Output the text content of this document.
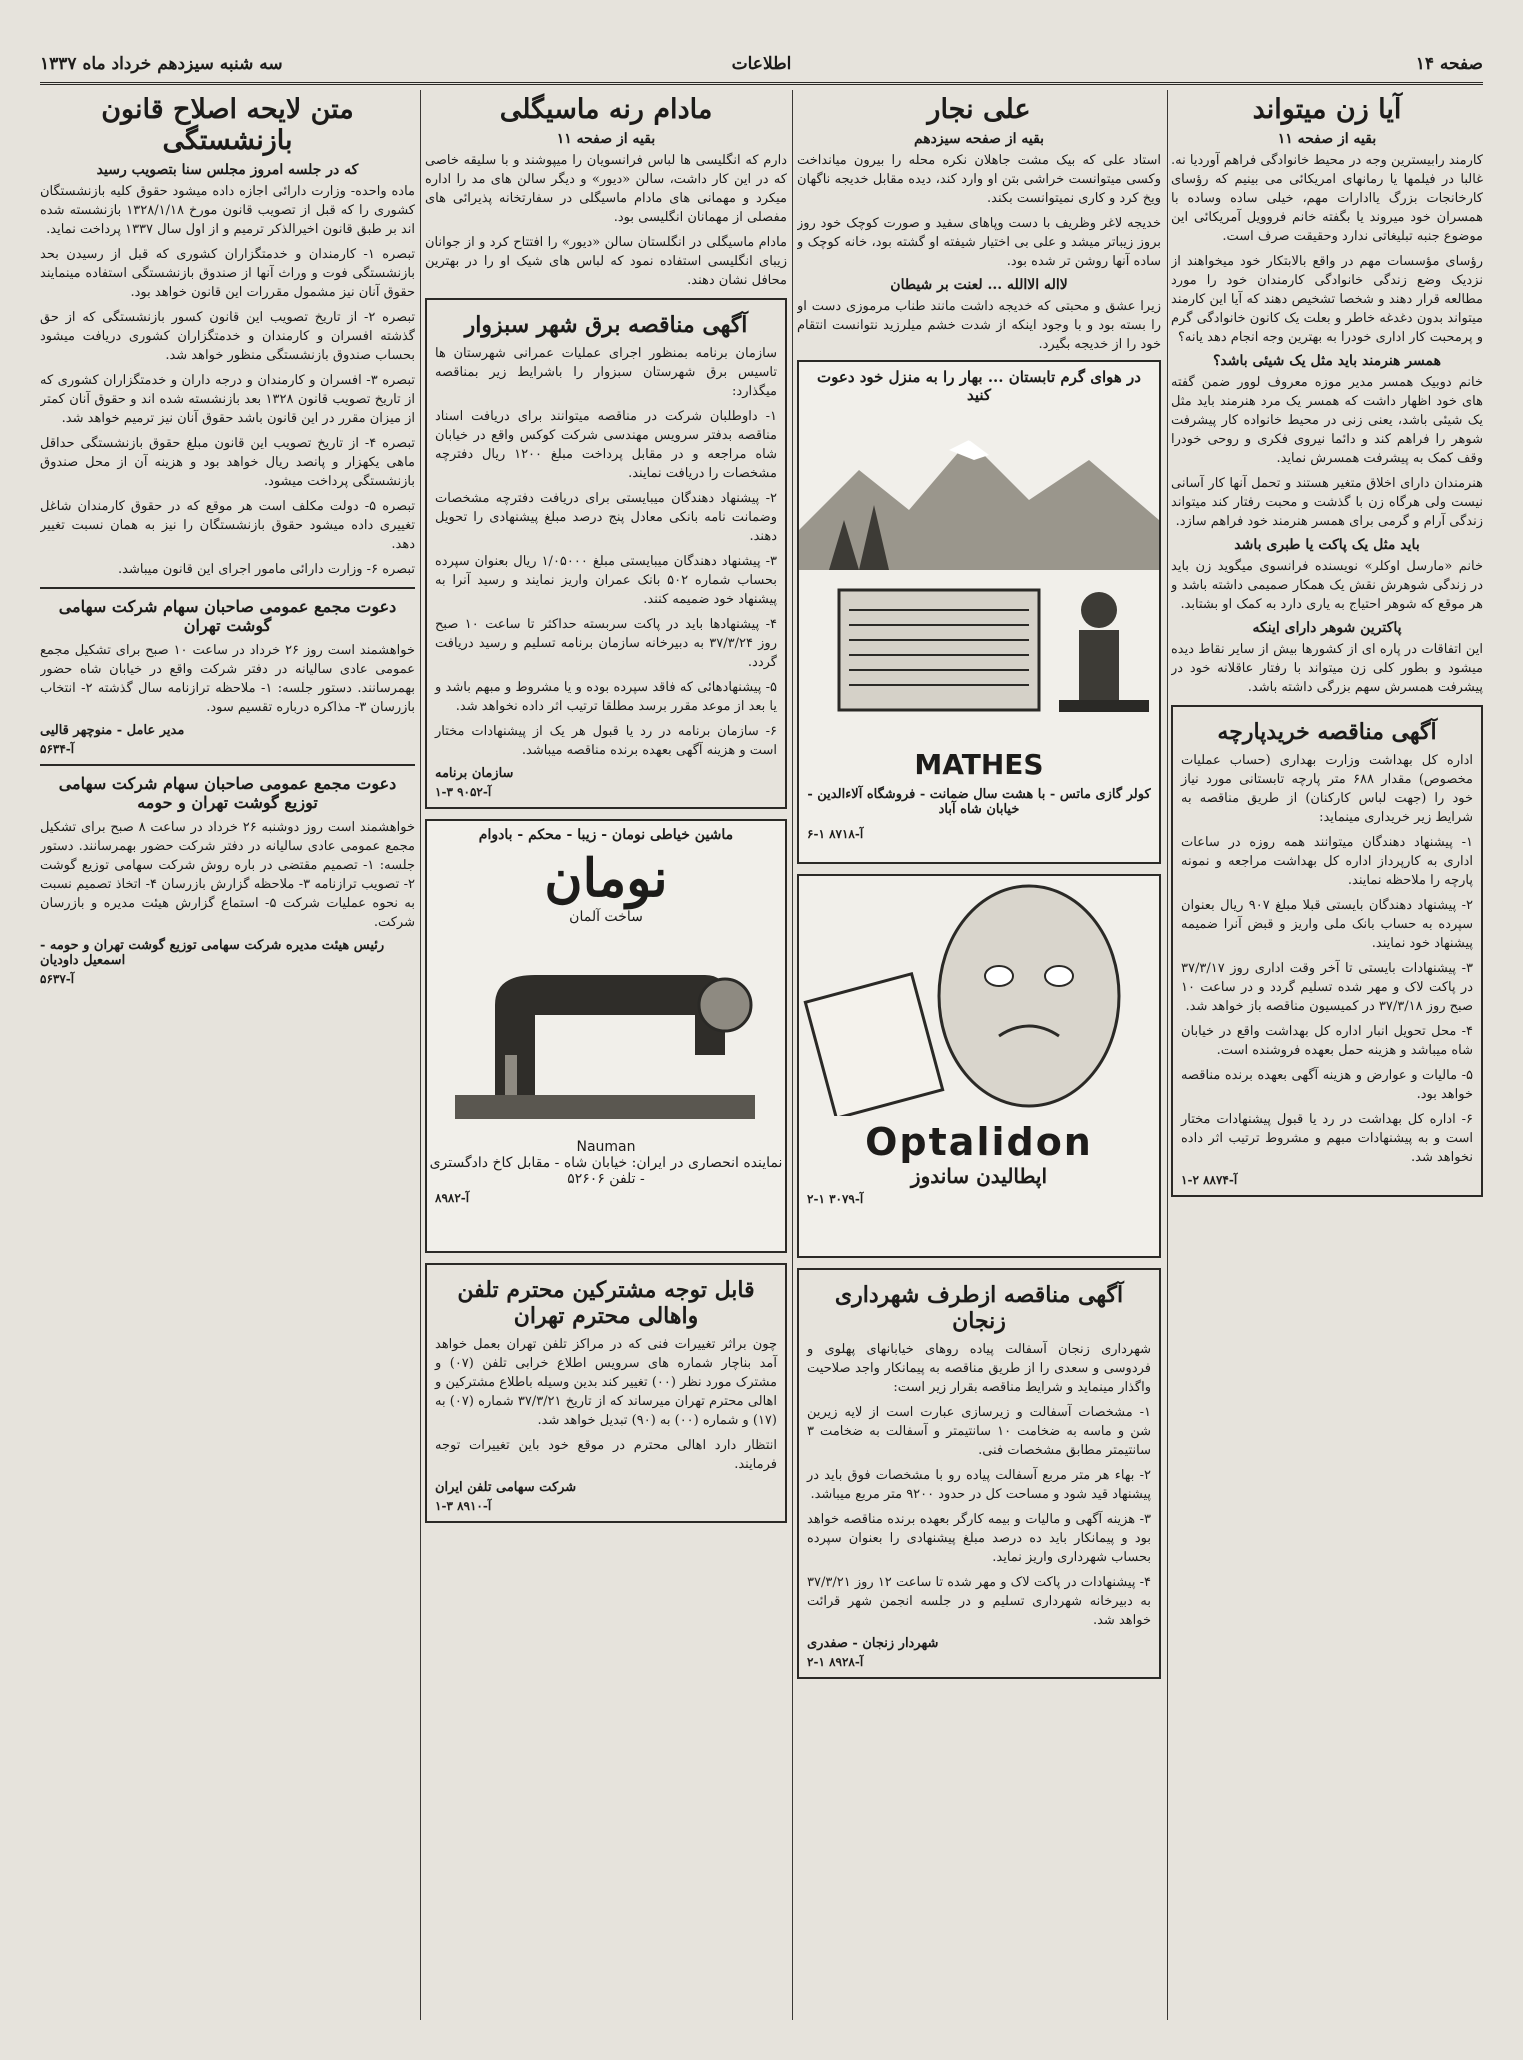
صفحه ۱۴
اطلاعات
سه شنبه سیزدهم خرداد ماه ۱۳۳۷
آیا زن میتواند
بقیه از صفحه ۱۱

کارمند رابیسترین وجه در محیط خانوادگی فراهم آوردیا نه. غالبا در فیلمها یا رمانهای امریکائی می بینیم که رؤسای کارخانجات بزرگ یاادارات مهم، خیلی ساده وساده با همسران خود میروند یا بگفته خانم فروویل آمریکائی این موضوع جنبه تبلیغاتی ندارد وحقیقت صرف است.

رؤسای مؤسسات مهم در واقع بالابتکار خود میخواهند از نزدیک وضع زندگی خانوادگی کارمندان خود را مورد مطالعه قرار دهند و شخصا تشخیص دهند که آیا این کارمند میتواند بدون دغدغه خاطر و بعلت یک کانون خانوادگی گرم و پرمحبت کار اداری خودرا به بهترین وجه انجام دهد یانه؟

همسر هنرمند باید مثل یک شیئی باشد؟

خانم دوبیک همسر مدیر موزه معروف لوور ضمن گفته های خود اظهار داشت که همسر یک مرد هنرمند باید مثل یک شیئی باشد، یعنی زنی در محیط خانواده کار پیشرفت شوهر را فراهم کند و دائما نیروی فکری و روحی خودرا وقف کمک به پیشرفت همسرش نماید.

هنرمندان دارای اخلاق متغیر هستند و تحمل آنها کار آسانی نیست ولی هرگاه زن با گذشت و محبت رفتار کند میتواند زندگی آرام و گرمی برای همسر هنرمند خود فراهم سازد.

باید مثل یک پاکت یا طبری باشد

خانم «مارسل اوکلر» نویسنده فرانسوی میگوید زن باید در زندگی شوهرش نقش یک همکار صمیمی داشته باشد و هر موقع که شوهر احتیاج به یاری دارد به کمک او بشتابد.

پاکترین شوهر دارای اینکه

این اتفاقات در پاره ای از کشورها بیش از سایر نقاط دیده میشود و بطور کلی زن میتواند با رفتار عاقلانه خود در پیشرفت همسرش سهم بزرگی داشته باشد.

آگهی مناقصه خریدپارچه

اداره کل بهداشت وزارت بهداری (حساب عملیات مخصوص) مقدار ۶۸۸ متر پارچه تابستانی مورد نیاز خود را (جهت لباس کارکنان) از طریق مناقصه به شرایط زیر خریداری مینماید:

۱- پیشنهاد دهندگان میتوانند همه روزه در ساعات اداری به کارپرداز اداره کل بهداشت مراجعه و نمونه پارچه را ملاحظه نمایند.

۲- پیشنهاد دهندگان بایستی قبلا مبلغ ۹۰۷ ریال بعنوان سپرده به حساب بانک ملی واریز و قبض آنرا ضمیمه پیشنهاد خود نمایند.

۳- پیشنهادات بایستی تا آخر وقت اداری روز ۳۷/۳/۱۷ در پاکت لاک و مهر شده تسلیم گردد و در ساعت ۱۰ صبح روز ۳۷/۳/۱۸ در کمیسیون مناقصه باز خواهد شد.

۴- محل تحویل انبار اداره کل بهداشت واقع در خیابان شاه میباشد و هزینه حمل بعهده فروشنده است.

۵- مالیات و عوارض و هزینه آگهی بعهده برنده مناقصه خواهد بود.

۶- اداره کل بهداشت در رد یا قبول پیشنهادات مختار است و به پیشنهادات مبهم و مشروط ترتیب اثر داده نخواهد شد.

آ-۸۸۷۴ ۲-۱
علی نجار
بقیه از صفحه سیزدهم

استاد علی که بیک مشت جاهلان نکره محله را بیرون میانداخت وکسی میتوانست خراشی بتن او وارد کند، دیده مقابل خدیجه ناگهان ویخ کرد و کاری نمیتوانست بکند.

خدیجه لاغر وظریف با دست وپاهای سفید و صورت کوچک خود روز بروز زیباتر میشد و علی بی اختیار شیفته او گشته بود، خانه کوچک و ساده آنها روشن تر شده بود.

لااله الاالله ... لعنت بر شیطان

زیرا عشق و محبتی که خدیجه داشت مانند طناب مرموزی دست او را بسته بود و با وجود اینکه از شدت خشم میلرزید نتوانست انتقام خود را از خدیجه بگیرد.

در هوای گرم تابستان ... بهار را به منزل خود دعوت کنید
MATHES
کولر گازی ماتس - با هشت سال ضمانت - فروشگاه آلاءالدین - خیابان شاه آباد
آ-۸۷۱۸ ۱-۶
Optalidon
اپطالیدن ساندوز
آ-۳۰۷۹ ۱-۲
آگهی مناقصه ازطرف شهرداری زنجان

شهرداری زنجان آسفالت پیاده روهای خیابانهای پهلوی و فردوسی و سعدی را از طریق مناقصه به پیمانکار واجد صلاحیت واگذار مینماید و شرایط مناقصه بقرار زیر است:

۱- مشخصات آسفالت و زیرسازی عبارت است از لایه زیرین شن و ماسه به ضخامت ۱۰ سانتیمتر و آسفالت به ضخامت ۳ سانتیمتر مطابق مشخصات فنی.

۲- بهاء هر متر مربع آسفالت پیاده رو با مشخصات فوق باید در پیشنهاد قید شود و مساحت کل در حدود ۹۲۰۰ متر مربع میباشد.

۳- هزینه آگهی و مالیات و بیمه کارگر بعهده برنده مناقصه خواهد بود و پیمانکار باید ده درصد مبلغ پیشنهادی را بعنوان سپرده بحساب شهرداری واریز نماید.

۴- پیشنهادات در پاکت لاک و مهر شده تا ساعت ۱۲ روز ۳۷/۳/۲۱ به دبیرخانه شهرداری تسلیم و در جلسه انجمن شهر قرائت خواهد شد.

شهردار زنجان - صفدری
آ-۸۹۲۸ ۱-۲
مادام رنه ماسیگلی
بقیه از صفحه ۱۱

دارم که انگلیسی ها لباس فرانسویان را میپوشند و با سلیقه خاصی که در این کار داشت، سالن «دیور» و دیگر سالن های مد را اداره میکرد و مهمانی های مادام ماسیگلی در سفارتخانه پذیرائی های مفصلی از مهمانان انگلیسی بود.

مادام ماسیگلی در انگلستان سالن «دیور» را افتتاح کرد و از جوانان زیبای انگلیسی استفاده نمود که لباس های شیک او را در بهترین محافل نشان دهند.

آگهی مناقصه برق شهر سبزوار

سازمان برنامه بمنظور اجرای عملیات عمرانی شهرستان ها تاسیس برق شهرستان سبزوار را باشرایط زیر بمناقصه میگذارد:

۱- داوطلبان شرکت در مناقصه میتوانند برای دریافت اسناد مناقصه بدفتر سرویس مهندسی شرکت کوکس واقع در خیابان شاه مراجعه و در مقابل پرداخت مبلغ ۱۲۰۰ ریال دفترچه مشخصات را دریافت نمایند.

۲- پیشنهاد دهندگان میبایستی برای دریافت دفترچه مشخصات وضمانت نامه بانکی معادل پنج درصد مبلغ پیشنهادی را تحویل دهند.

۳- پیشنهاد دهندگان میبایستی مبلغ ۱/۰۵۰۰۰ ریال بعنوان سپرده بحساب شماره ۵۰۲ بانک عمران واریز نمایند و رسید آنرا به پیشنهاد خود ضمیمه کنند.

۴- پیشنهادها باید در پاکت سربسته حداکثر تا ساعت ۱۰ صبح روز ۳۷/۳/۲۴ به دبیرخانه سازمان برنامه تسلیم و رسید دریافت گردد.

۵- پیشنهادهائی که فاقد سپرده بوده و یا مشروط و مبهم باشد و یا بعد از موعد مقرر برسد مطلقا ترتیب اثر داده نخواهد شد.

۶- سازمان برنامه در رد یا قبول هر یک از پیشنهادات مختار است و هزینه آگهی بعهده برنده مناقصه میباشد.

سازمان برنامه
آ-۹۰۵۲ ۳-۱
ماشین خیاطی نومان - زیبا - محکم - بادوام
نومان
ساخت آلمان
Nauman
نماینده انحصاری در ایران: خیابان شاه - مقابل کاخ دادگستری - تلفن ۵۲۶۰۶
آ-۸۹۸۲
قابل توجه مشترکین محترم تلفن واهالی محترم تهران

چون براثر تغییرات فنی که در مراکز تلفن تهران بعمل خواهد آمد بناچار شماره های سرویس اطلاع خرابی تلفن (۰۷) و مشترک مورد نظر (۰۰) تغییر کند بدین وسیله باطلاع مشترکین و اهالی محترم تهران میرساند که از تاریخ ۳۷/۳/۲۱ شماره (۰۷) به (۱۷) و شماره (۰۰) به (۹۰) تبدیل خواهد شد.

انتظار دارد اهالی محترم در موقع خود باین تغییرات توجه فرمایند.

شرکت سهامی تلفن ایران
آ-۸۹۱۰ ۳-۱
متن لایحه اصلاح قانون بازنشستگی
که در جلسه امروز مجلس سنا بتصویب رسید

ماده واحده- وزارت دارائی اجازه داده میشود حقوق کلیه بازنشستگان کشوری را که قبل از تصویب قانون مورخ ۱۳۲۸/۱/۱۸ بازنشسته شده اند بر طبق قانون اخیرالذکر ترمیم و از اول سال ۱۳۳۷ پرداخت نماید.

تبصره ۱- کارمندان و خدمتگزاران کشوری که قبل از رسیدن بحد بازنشستگی فوت و وراث آنها از صندوق بازنشستگی استفاده مینمایند حقوق آنان نیز مشمول مقررات این قانون خواهد بود.

تبصره ۲- از تاریخ تصویب این قانون کسور بازنشستگی که از حق گذشته افسران و کارمندان و خدمتگزاران کشوری دریافت میشود بحساب صندوق بازنشستگی منظور خواهد شد.

تبصره ۳- افسران و کارمندان و درجه داران و خدمتگزاران کشوری که از تاریخ تصویب قانون ۱۳۲۸ بعد بازنشسته شده اند و حقوق آنان کمتر از میزان مقرر در این قانون باشد حقوق آنان نیز ترمیم خواهد شد.

تبصره ۴- از تاریخ تصویب این قانون مبلغ حقوق بازنشستگی حداقل ماهی یکهزار و پانصد ریال خواهد بود و هزینه آن از محل صندوق بازنشستگی پرداخت میشود.

تبصره ۵- دولت مکلف است هر موقع که در حقوق کارمندان شاغل تغییری داده میشود حقوق بازنشستگان را نیز به همان نسبت تغییر دهد.

تبصره ۶- وزارت دارائی مامور اجرای این قانون میباشد.

دعوت مجمع عمومی صاحبان سهام شرکت سهامی گوشت تهران

خواهشمند است روز ۲۶ خرداد در ساعت ۱۰ صبح برای تشکیل مجمع عمومی عادی سالیانه در دفتر شرکت واقع در خیابان شاه حضور بهمرسانند. دستور جلسه: ۱- ملاحظه ترازنامه سال گذشته ۲- انتخاب بازرسان ۳- مذاکره درباره تقسیم سود.

مدیر عامل - منوچهر قالیی
آ-۵۶۳۴
دعوت مجمع عمومی صاحبان سهام شرکت سهامی توزیع گوشت تهران و حومه

خواهشمند است روز دوشنبه ۲۶ خرداد در ساعت ۸ صبح برای تشکیل مجمع عمومی عادی سالیانه در دفتر شرکت حضور بهمرسانند. دستور جلسه: ۱- تصمیم مقتضی در باره روش شرکت سهامی توزیع گوشت ۲- تصویب ترازنامه ۳- ملاحظه گزارش بازرسان ۴- اتخاذ تصمیم نسبت به نحوه عملیات شرکت ۵- استماع گزارش هیئت مدیره و بازرسان شرکت.

رئیس هیئت مدیره شرکت سهامی توزیع گوشت تهران و حومه - اسمعیل داودیان
آ-۵۶۳۷
